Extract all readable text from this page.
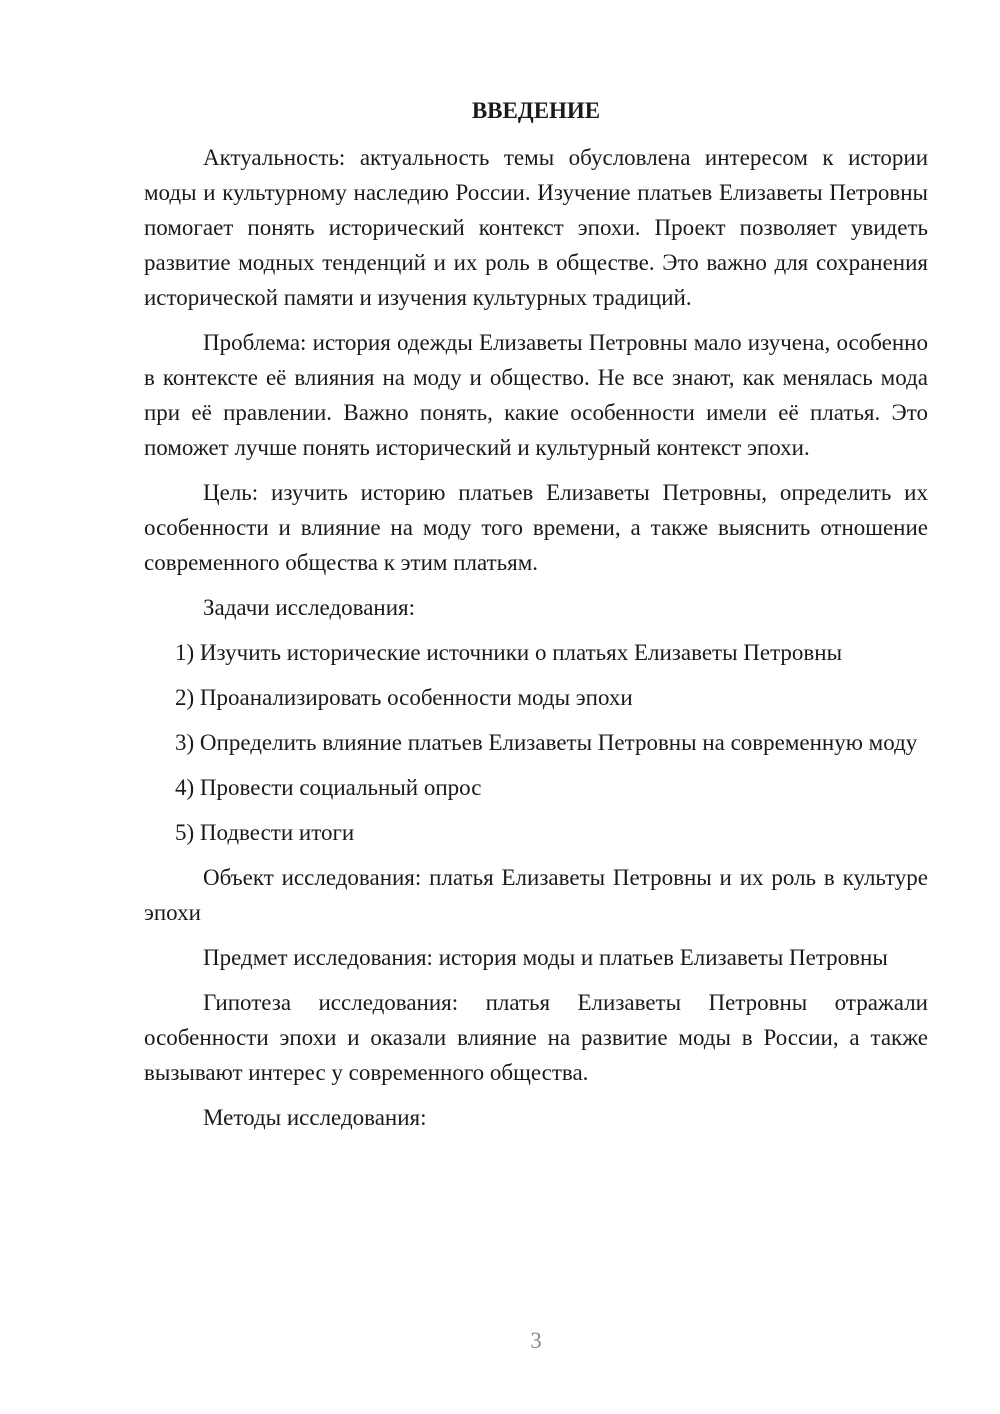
ВВЕДЕНИЕ

Актуальность: актуальность темы обусловлена интересом к истории моды и культурному наследию России. Изучение платьев Елизаветы Петровны помогает понять исторический контекст эпохи. Проект позволяет увидеть развитие модных тенденций и их роль в обществе. Это важно для сохранения исторической памяти и изучения культурных традиций.

Проблема: история одежды Елизаветы Петровны мало изучена, особенно в контексте её влияния на моду и общество. Не все знают, как менялась мода при её правлении. Важно понять, какие особенности имели её платья. Это поможет лучше понять исторический и культурный контекст эпохи.

Цель: изучить историю платьев Елизаветы Петровны, определить их особенности и влияние на моду того времени, а также выяснить отношение современного общества к этим платьям.

Задачи исследования:

1) Изучить исторические источники о платьях Елизаветы Петровны
2) Проанализировать особенности моды эпохи
3) Определить влияние платьев Елизаветы Петровны на современную моду
4) Провести социальный опрос
5) Подвести итоги

Объект исследования: платья Елизаветы Петровны и их роль в культуре эпохи

Предмет исследования: история моды и платьев Елизаветы Петровны

Гипотеза исследования: платья Елизаветы Петровны отражали особенности эпохи и оказали влияние на развитие моды в России, а также вызывают интерес у современного общества.

Методы исследования:

3
